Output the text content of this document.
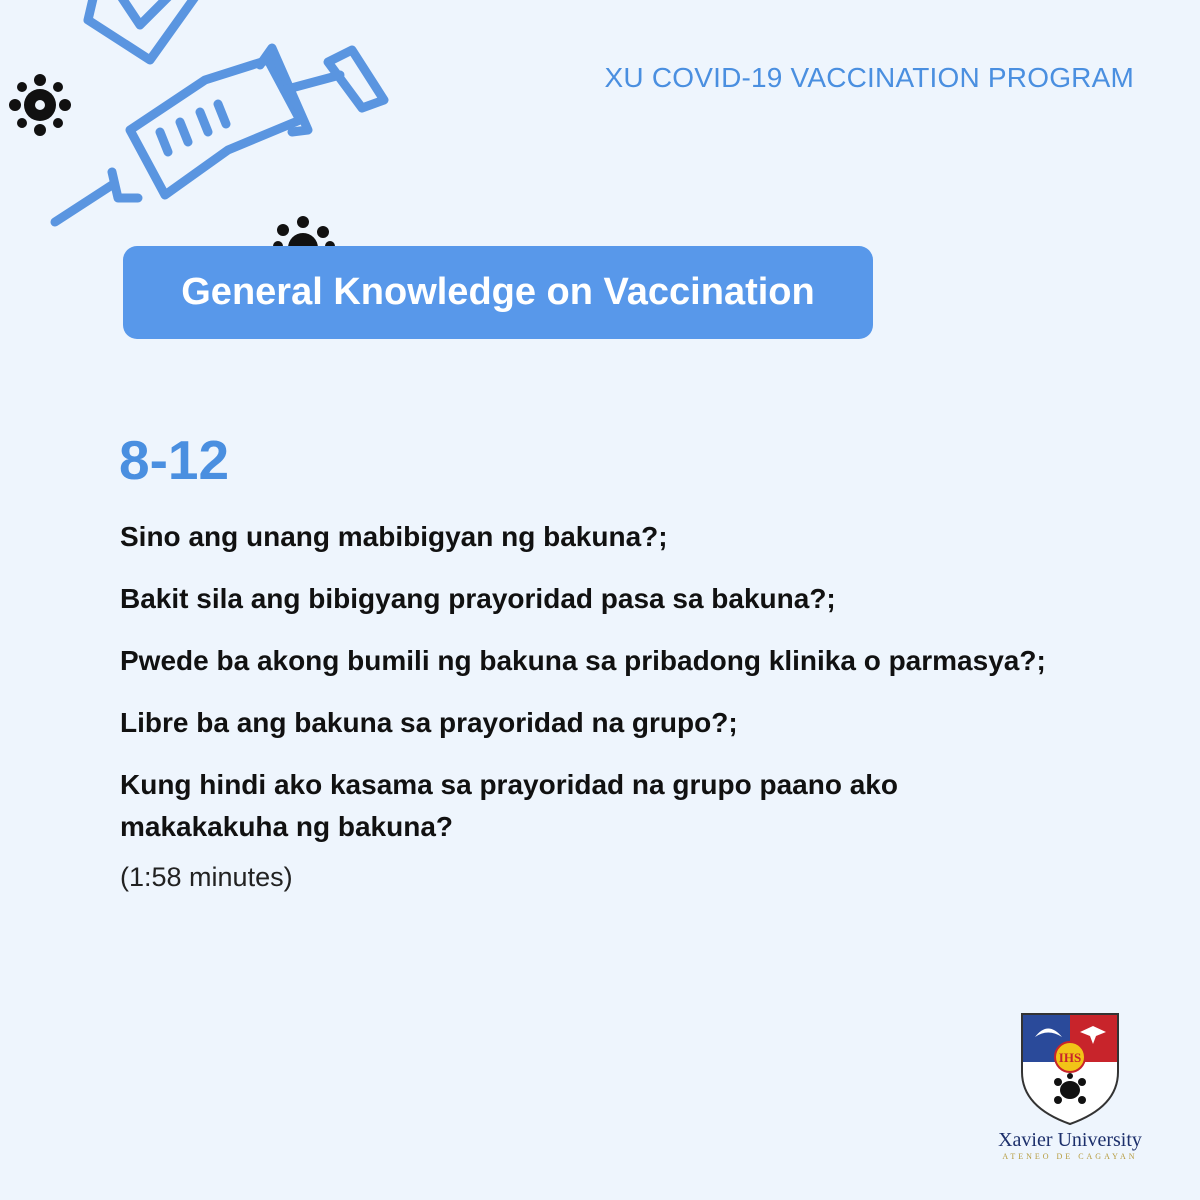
XU COVID-19 VACCINATION PROGRAM
General Knowledge on Vaccination
8-12

Sino ang unang mabibigyan ng bakuna?;

Bakit sila ang bibigyang prayoridad pasa sa bakuna?;

Pwede ba akong bumili ng bakuna sa pribadong klinika o parmasya?;

Libre ba ang bakuna sa prayoridad na grupo?;

Kung hindi ako kasama sa prayoridad na grupo paano ako makakakuha ng bakuna?

(1:58 minutes)
IHS
Xavier University
ATENEO DE CAGAYAN
